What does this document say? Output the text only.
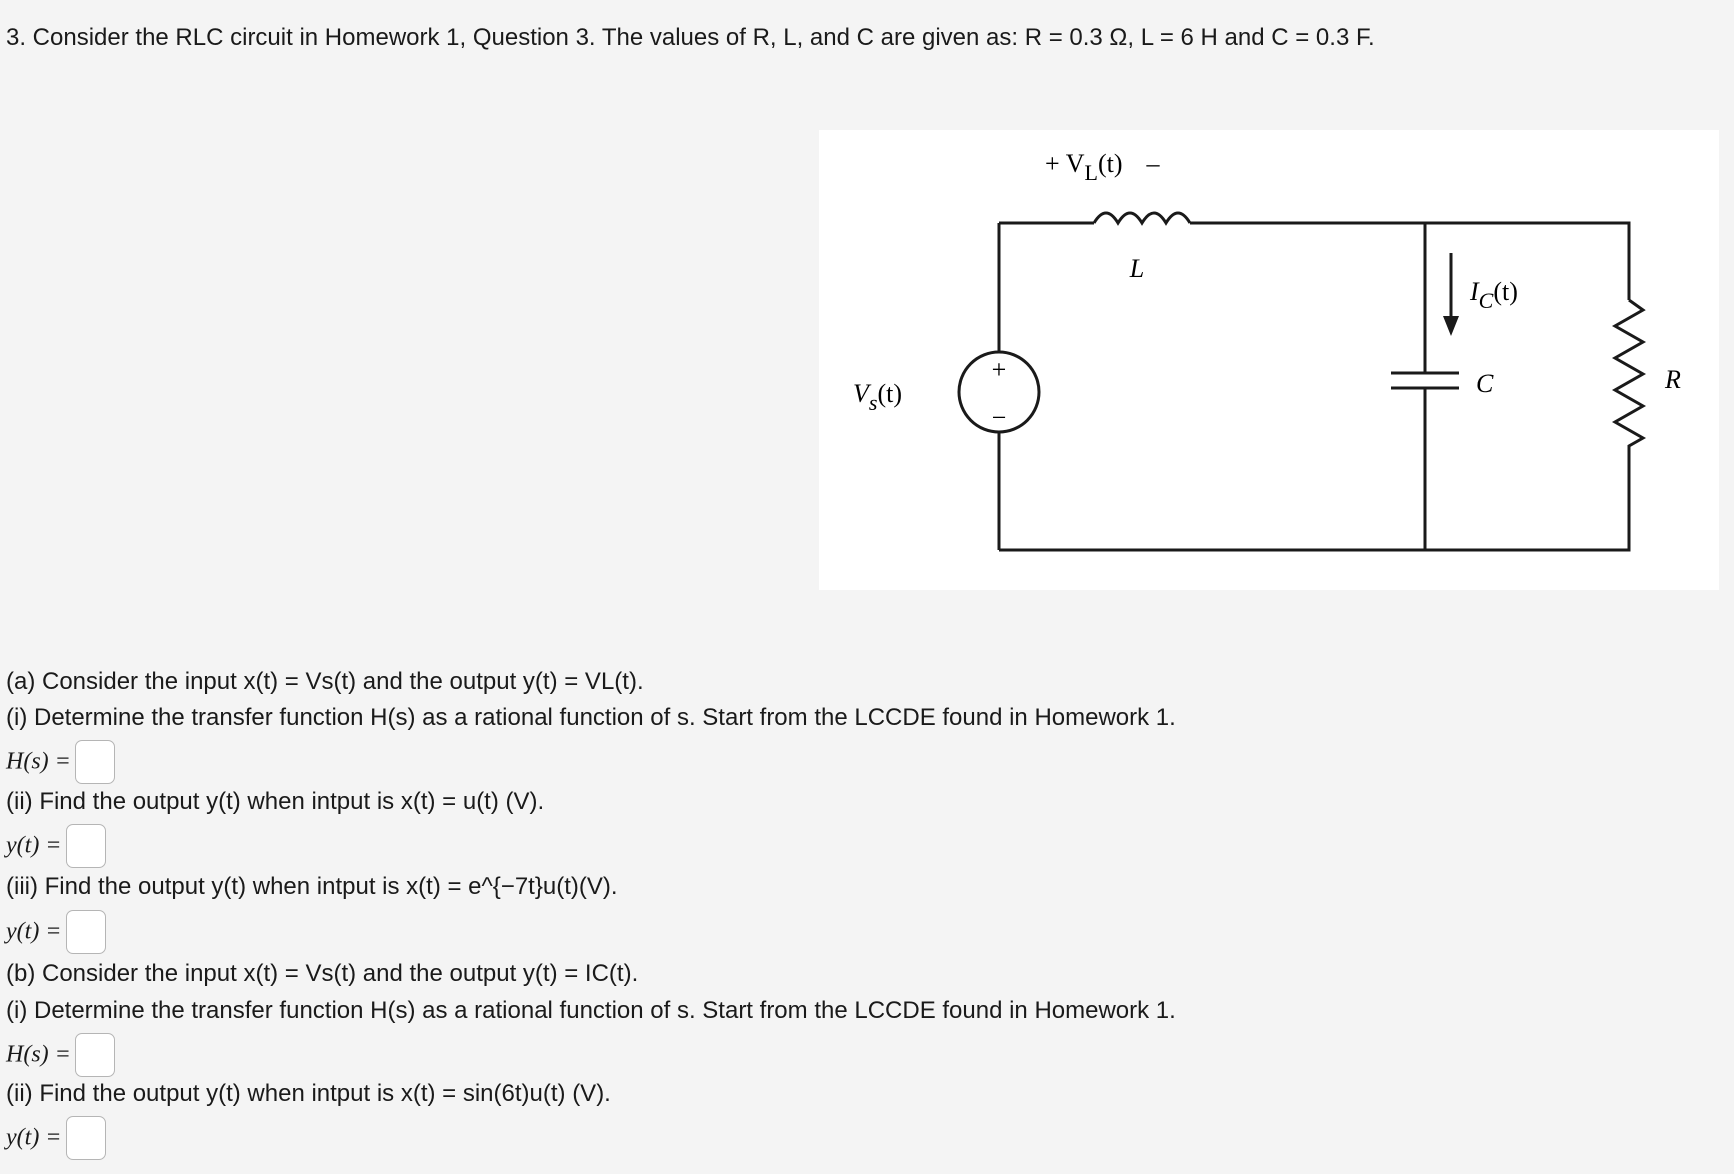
3. Consider the RLC circuit in Homework 1, Question 3. The values of R, L, and C are given as: R = 0.3 Ω, L = 6 H and C = 0.3 F.
+
−
+ $V_L(t)$ –
L
$I_C(t)$
C	R
$V_s(t)$
(a) Consider the input x(t) = Vs(t) and the output y(t) = VL(t).
(i) Determine the transfer function H(s) as a rational function of s. Start from the LCCDE found in Homework 1.
H(s) =
(ii) Find the output y(t) when intput is x(t) = u(t) (V).
y(t) =
(iii) Find the output y(t) when intput is x(t) = e^{−7t}u(t)(V).
y(t) =
(b) Consider the input x(t) = Vs(t) and the output y(t) = IC(t).
(i) Determine the transfer function H(s) as a rational function of s. Start from the LCCDE found in Homework 1.
H(s) =
(ii) Find the output y(t) when intput is x(t) = sin(6t)u(t) (V).
y(t) =
